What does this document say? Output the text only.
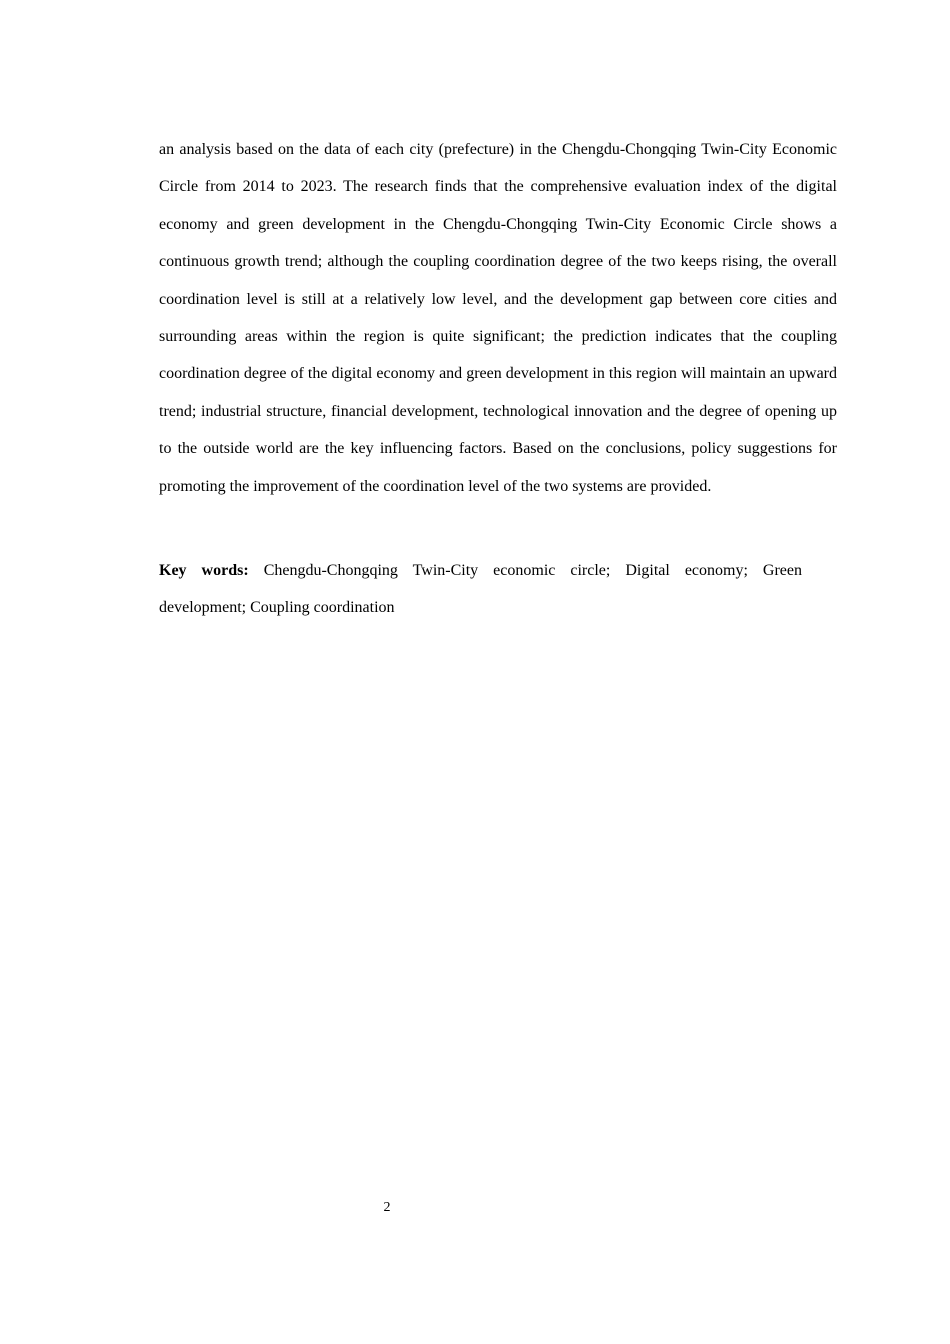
an analysis based on the data of each city (prefecture) in the Chengdu-Chongqing Twin-City Economic Circle from 2014 to 2023. The research finds that the comprehensive evaluation index of the digital economy and green development in the Chengdu-Chongqing Twin-City Economic Circle shows a continuous growth trend; although the coupling coordination degree of the two keeps rising, the overall coordination level is still at a relatively low level, and the development gap between core cities and surrounding areas within the region is quite significant; the prediction indicates that the coupling coordination degree of the digital economy and green development in this region will maintain an upward trend; industrial structure, financial development, technological innovation and the degree of opening up to the outside world are the key influencing factors. Based on the conclusions, policy suggestions for promoting the improvement of the coordination level of the two systems are provided.

Key words: Chengdu-Chongqing Twin-City economic circle; Digital economy; Green development; Coupling coordination

2
